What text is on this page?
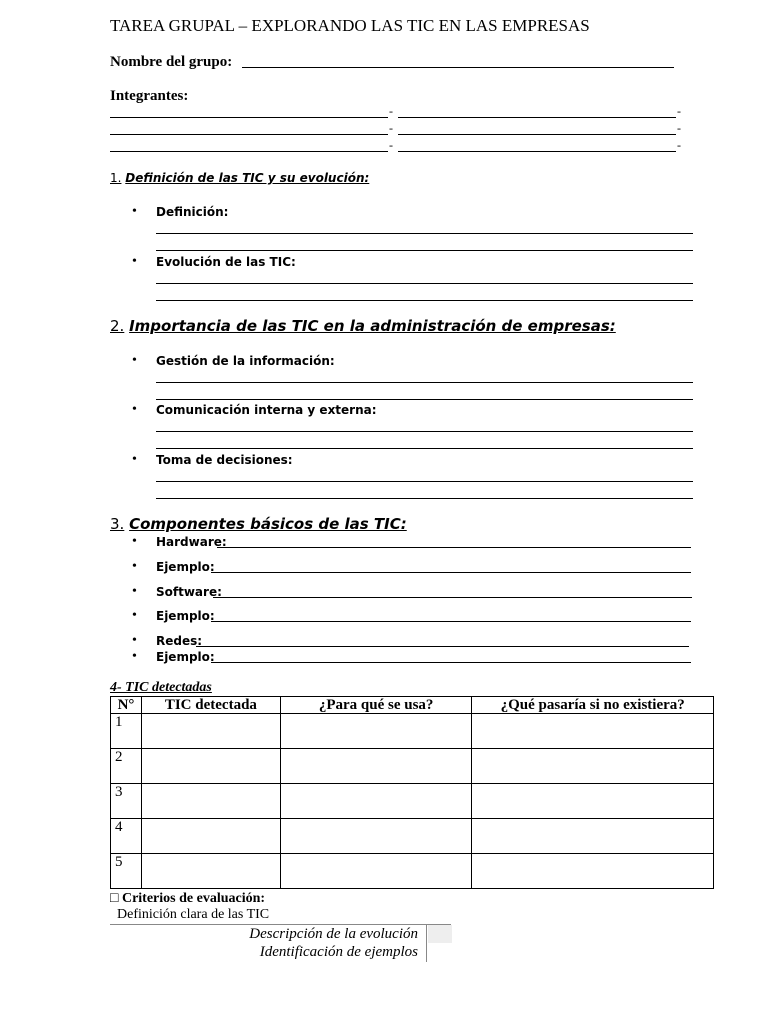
TAREA GRUPAL – EXPLORANDO LAS TIC EN LAS EMPRESAS
Nombre del grupo:
Integrantes:
-	-
-	-
-	-
1. Definición de las TIC y su evolución:
• Definición:
• Evolución de las TIC:
2. Importancia de las TIC en la administración de empresas:
• Gestión de la información:
• Comunicación interna y externa:
• Toma de decisiones:
3. Componentes básicos de las TIC:
• Hardware:
• Ejemplo:
• Software:
• Ejemplo:
• Redes:
• Ejemplo:
4- TIC detectadas
N°	TIC detectada	¿Para qué se usa?	¿Qué pasaría si no existiera?
1			
2			
3			
4			
5			
□ Criterios de evaluación:
Definición clara de las TIC
Descripción de la evolución
Identificación de ejemplos
